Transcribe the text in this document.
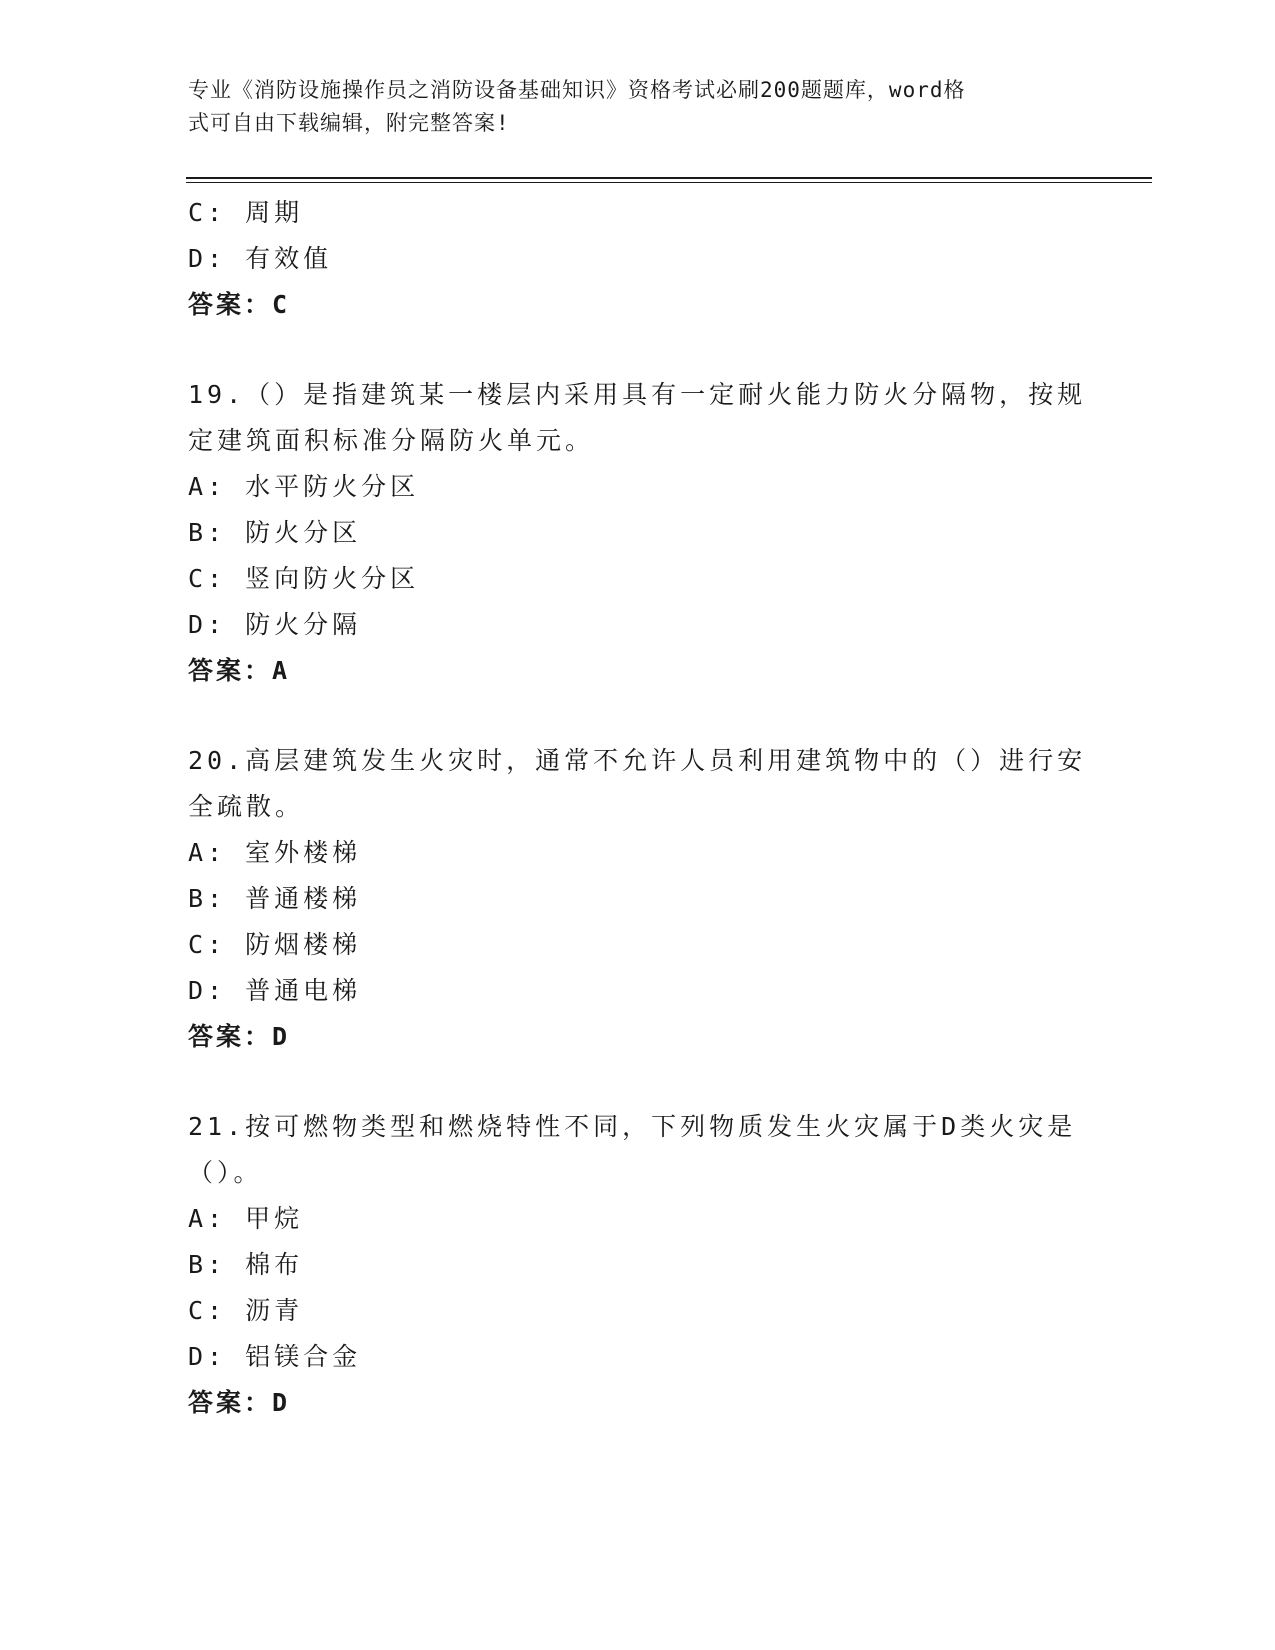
专业《消防设施操作员之消防设备基础知识》资格考试必刷200题题库，word格
式可自由下载编辑，附完整答案!
C: 周期
D: 有效值
答案：C
19.（）是指建筑某一楼层内采用具有一定耐火能力防火分隔物，按规
定建筑面积标准分隔防火单元。
A: 水平防火分区
B: 防火分区
C: 竖向防火分区
D: 防火分隔
答案：A
20.高层建筑发生火灾时，通常不允许人员利用建筑物中的（）进行安
全疏散。
A: 室外楼梯
B: 普通楼梯
C: 防烟楼梯
D: 普通电梯
答案：D
21.按可燃物类型和燃烧特性不同，下列物质发生火灾属于D类火灾是
（）。
A: 甲烷
B: 棉布
C: 沥青
D: 铝镁合金
答案：D
